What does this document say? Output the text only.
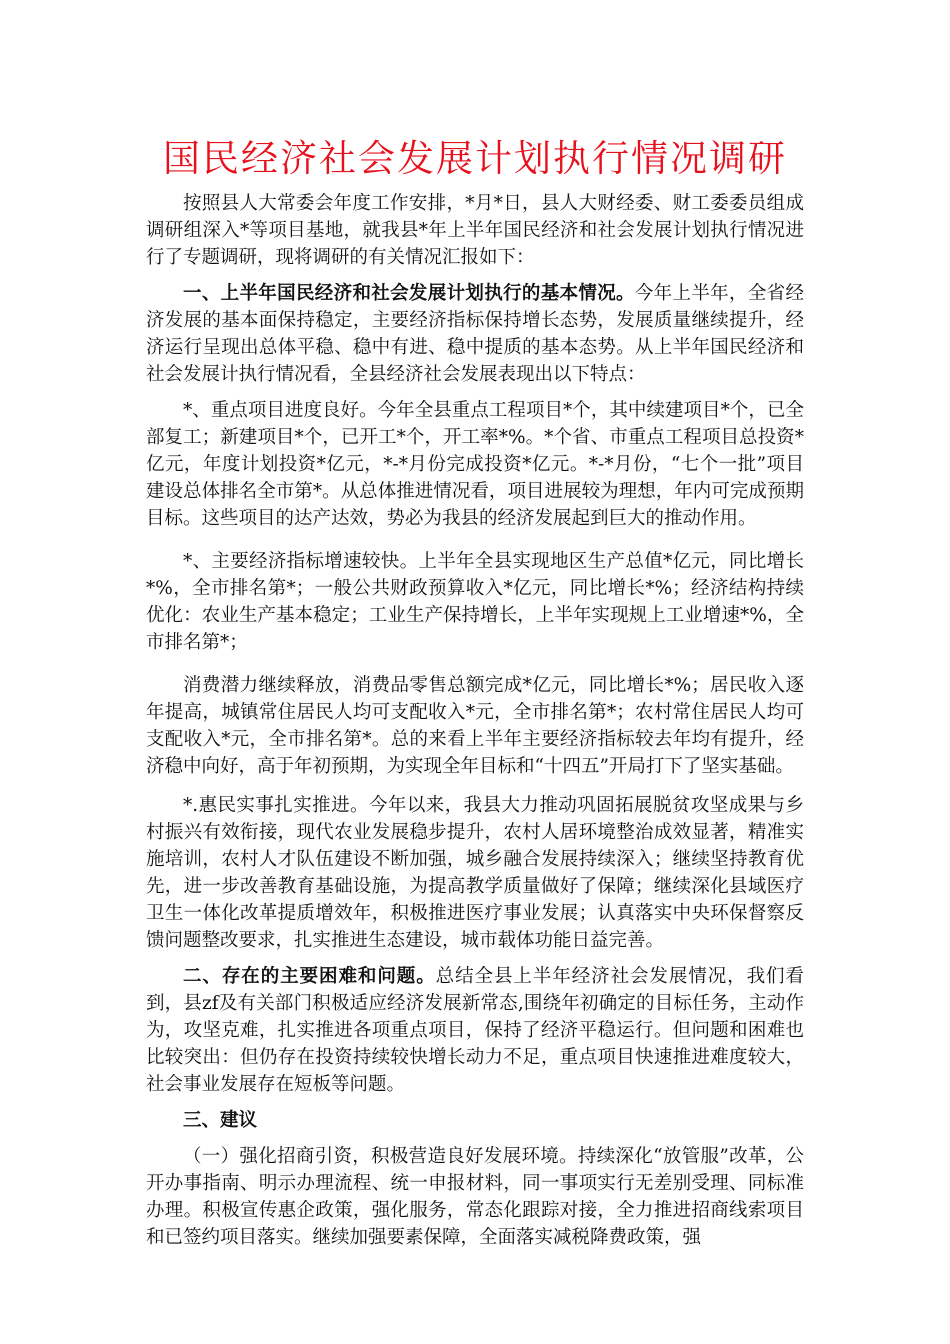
国民经济社会发展计划执行情况调研

按照县人大常委会年度工作安排，*月*日，县人大财经委、财工委委员组成调研组深入*等项目基地，就我县*年上半年国民经济和社会发展计划执行情况进行了专题调研，现将调研的有关情况汇报如下：

一、上半年国民经济和社会发展计划执行的基本情况。今年上半年，全省经济发展的基本面保持稳定，主要经济指标保持增长态势，发展质量继续提升，经济运行呈现出总体平稳、稳中有进、稳中提质的基本态势。从上半年国民经济和社会发展计执行情况看，全县经济社会发展表现出以下特点：

*、重点项目进度良好。今年全县重点工程项目*个，其中续建项目*个，已全部复工；新建项目*个，已开工*个，开工率*%。*个省、市重点工程项目总投资*亿元，年度计划投资*亿元，*-*月份完成投资*亿元。*-*月份，“七个一批”项目建设总体排名全市第*。从总体推进情况看，项目进展较为理想，年内可完成预期目标。这些项目的达产达效，势必为我县的经济发展起到巨大的推动作用。

*、主要经济指标增速较快。上半年全县实现地区生产总值*亿元，同比增长*%，全市排名第*；一般公共财政预算收入*亿元，同比增长*%；经济结构持续优化：农业生产基本稳定；工业生产保持增长，上半年实现规上工业增速*%，全市排名第*；

消费潜力继续释放，消费品零售总额完成*亿元，同比增长*%；居民收入逐年提高，城镇常住居民人均可支配收入*元，全市排名第*；农村常住居民人均可支配收入*元，全市排名第*。总的来看上半年主要经济指标较去年均有提升，经济稳中向好，高于年初预期，为实现全年目标和“十四五”开局打下了坚实基础。

*.惠民实事扎实推进。今年以来，我县大力推动巩固拓展脱贫攻坚成果与乡村振兴有效衔接，现代农业发展稳步提升，农村人居环境整治成效显著，精准实施培训，农村人才队伍建设不断加强，城乡融合发展持续深入；继续坚持教育优先，进一步改善教育基础设施，为提高教学质量做好了保障；继续深化县域医疗卫生一体化改革提质增效年，积极推进医疗事业发展；认真落实中央环保督察反馈问题整改要求，扎实推进生态建设，城市载体功能日益完善。

二、存在的主要困难和问题。总结全县上半年经济社会发展情况，我们看到，县zf及有关部门积极适应经济发展新常态,围绕年初确定的目标任务，主动作为，攻坚克难，扎实推进各项重点项目，保持了经济平稳运行。但问题和困难也比较突出：但仍存在投资持续较快增长动力不足，重点项目快速推进难度较大，社会事业发展存在短板等问题。

三、建议

（一）强化招商引资，积极营造良好发展环境。持续深化“放管服”改革，公开办事指南、明示办理流程、统一申报材料，同一事项实行无差别受理、同标准办理。积极宣传惠企政策，强化服务，常态化跟踪对接，全力推进招商线索项目和已签约项目落实。继续加强要素保障，全面落实减税降费政策，强
